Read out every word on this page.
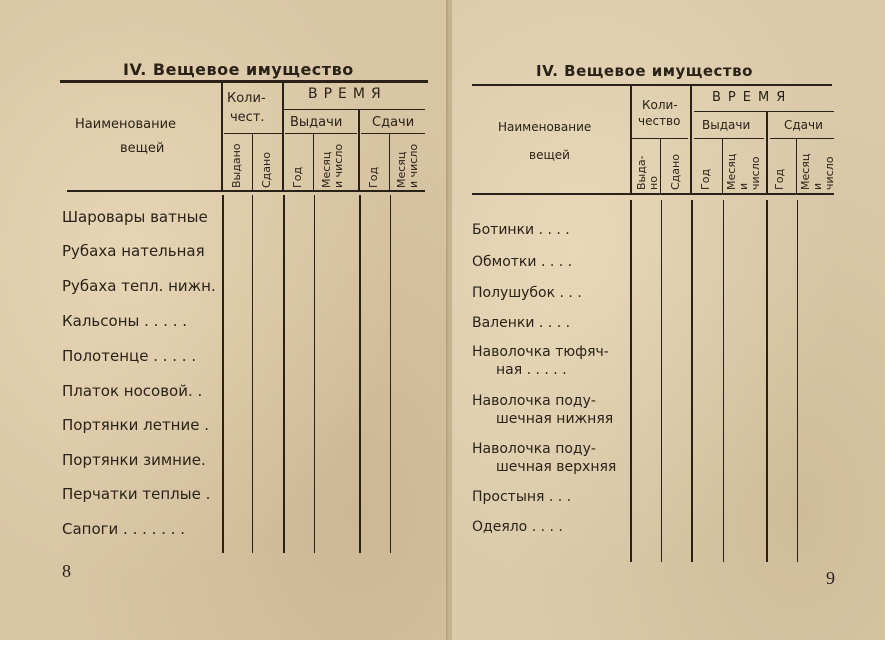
IV. Вещевое имущество
Наименование
вещей
Коли-
чест.
ВРЕМЯ
Выдачи Сдачи
Выдано Сдано Год Месяц и число Год Месяц и число
Шаровары ватные
Рубаха нательная
Рубаха тепл. нижн.
Кальсоны . . . . .
Полотенце . . . . .
Платок носовой. .
Портянки летние .
Портянки зимние.
Перчатки теплые .
Сапоги . . . . . . .
8
IV. Вещевое имущество
Наименование
вещей
Коли-
чество
ВРЕМЯ
Выдачи	Сдачи
Выда- но Сдано Год Месяц и число Год Месяц и число
Ботинки . . . .
Обмотки . . . .
Полушубок . . .
Валенки . . . .
Наволочка тюфяч-
ная . . . . .
Наволочка поду-
шечная нижняя
Наволочка поду-
шечная верхняя
Простыня . . .
Одеяло . . . .
9
